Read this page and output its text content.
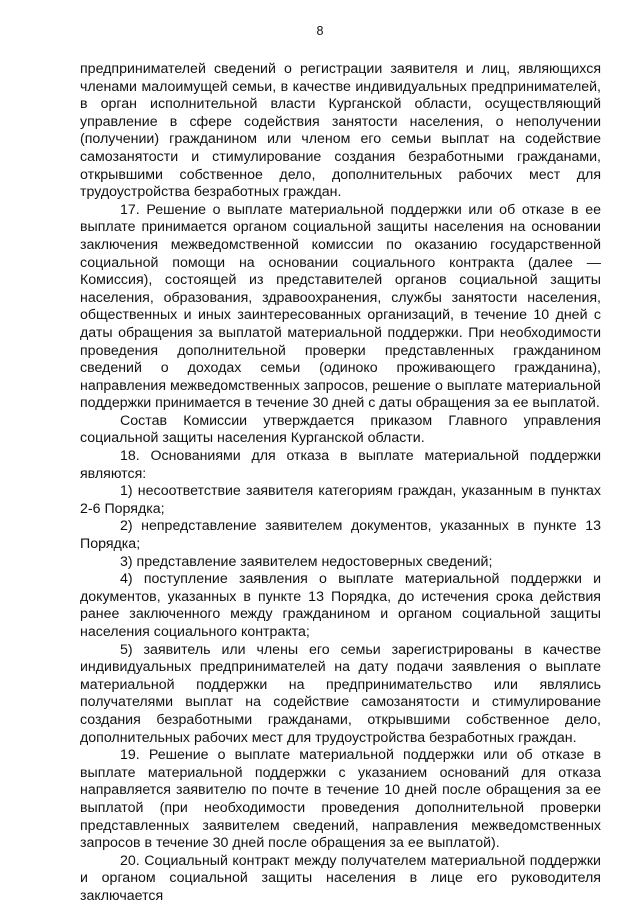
8

предпринимателей сведений о регистрации заявителя и лиц, являющихся членами малоимущей семьи, в качестве индивидуальных предпринимателей, в орган исполнительной власти Курганской области, осуществляющий управление в сфере содействия занятости населения, о неполучении (получении) гражданином или членом его семьи выплат на содействие самозанятости и стимулирование создания безработными гражданами, открывшими собственное дело, дополнительных рабочих мест для трудоустройства безработных граждан.

17. Решение о выплате материальной поддержки или об отказе в ее выплате принимается органом социальной защиты населения на основании заключения межведомственной комиссии по оказанию государственной социальной помощи на основании социального контракта (далее — Комиссия), состоящей из представителей органов социальной защиты населения, образования, здравоохранения, службы занятости населения, общественных и иных заинтересованных организаций, в течение 10 дней с даты обращения за выплатой материальной поддержки. При необходимости проведения дополнительной проверки представленных гражданином сведений о доходах семьи (одиноко проживающего гражданина), направления межведомственных запросов, решение о выплате материальной поддержки принимается в течение 30 дней с даты обращения за ее выплатой.

Состав Комиссии утверждается приказом Главного управления социальной защиты населения Курганской области.

18. Основаниями для отказа в выплате материальной поддержки являются:

1) несоответствие заявителя категориям граждан, указанным в пунктах 2-6 Порядка;

2) непредставление заявителем документов, указанных в пункте 13 Порядка;

3) представление заявителем недостоверных сведений;

4) поступление заявления о выплате материальной поддержки и документов, указанных в пункте 13 Порядка, до истечения срока действия ранее заключенного между гражданином и органом социальной защиты населения социального контракта;

5) заявитель или члены его семьи зарегистрированы в качестве индивидуальных предпринимателей на дату подачи заявления о выплате материальной поддержки на предпринимательство или являлись получателями выплат на содействие самозанятости и стимулирование создания безработными гражданами, открывшими собственное дело, дополнительных рабочих мест для трудоустройства безработных граждан.

19. Решение о выплате материальной поддержки или об отказе в выплате материальной поддержки с указанием оснований для отказа направляется заявителю по почте в течение 10 дней после обращения за ее выплатой (при необходимости проведения дополнительной проверки представленных заявителем сведений, направления межведомственных запросов в течение 30 дней после обращения за ее выплатой).

20. Социальный контракт между получателем материальной поддержки и органом социальной защиты населения в лице его руководителя заключается
